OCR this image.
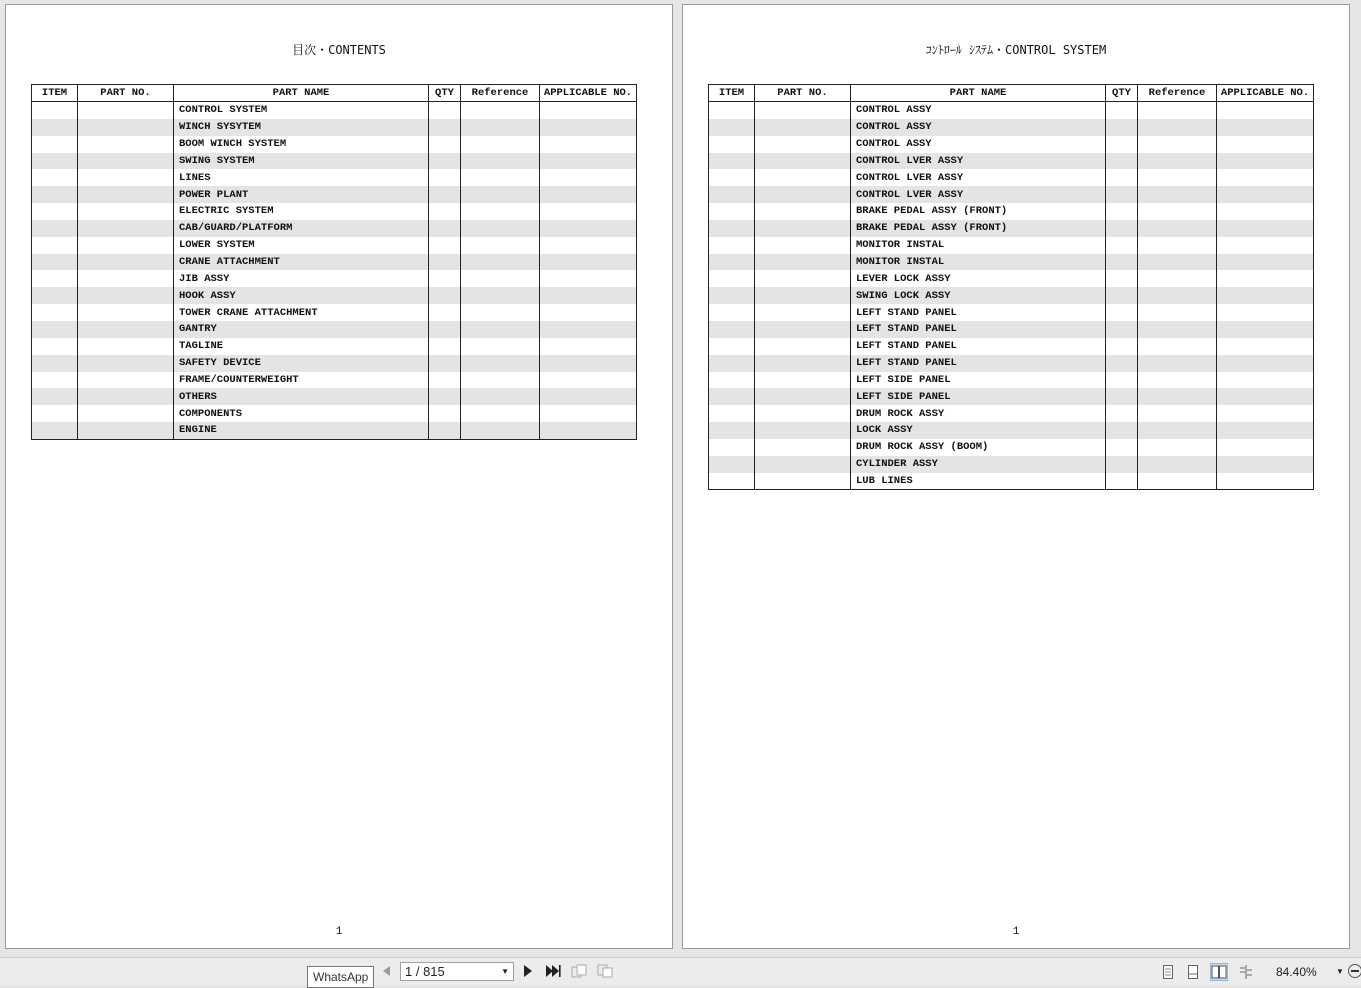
目次・CONTENTS
ITEM	PART NO.	PART NAME	QTY	Reference	APPLICABLE NO.
		CONTROL SYSTEM			
		WINCH SYSYTEM			
		BOOM WINCH SYSTEM			
		SWING SYSTEM			
		LINES			
		POWER PLANT			
		ELECTRIC SYSTEM			
		CAB/GUARD/PLATFORM			
		LOWER SYSTEM			
		CRANE ATTACHMENT			
		JIB ASSY			
		HOOK ASSY			
		TOWER CRANE ATTACHMENT			
		GANTRY			
		TAGLINE			
		SAFETY DEVICE			
		FRAME/COUNTERWEIGHT			
		OTHERS			
		COMPONENTS			
		ENGINE			
1
ｺﾝﾄﾛｰﾙ ｼｽﾃﾑ・CONTROL SYSTEM
ITEM	PART NO.	PART NAME	QTY	Reference	APPLICABLE NO.
		CONTROL ASSY			
		CONTROL ASSY			
		CONTROL ASSY			
		CONTROL LVER ASSY			
		CONTROL LVER ASSY			
		CONTROL LVER ASSY			
		BRAKE PEDAL ASSY (FRONT)			
		BRAKE PEDAL ASSY (FRONT)			
		MONITOR INSTAL			
		MONITOR INSTAL			
		LEVER LOCK ASSY			
		SWING LOCK ASSY			
		LEFT STAND PANEL			
		LEFT STAND PANEL			
		LEFT STAND PANEL			
		LEFT STAND PANEL			
		LEFT SIDE PANEL			
		LEFT SIDE PANEL			
		DRUM ROCK ASSY			
		LOCK ASSY			
		DRUM ROCK ASSY (BOOM)			
		CYLINDER ASSY			
		LUB LINES			
1
WhatsApp	1 / 815	▼	84.40% ▼
